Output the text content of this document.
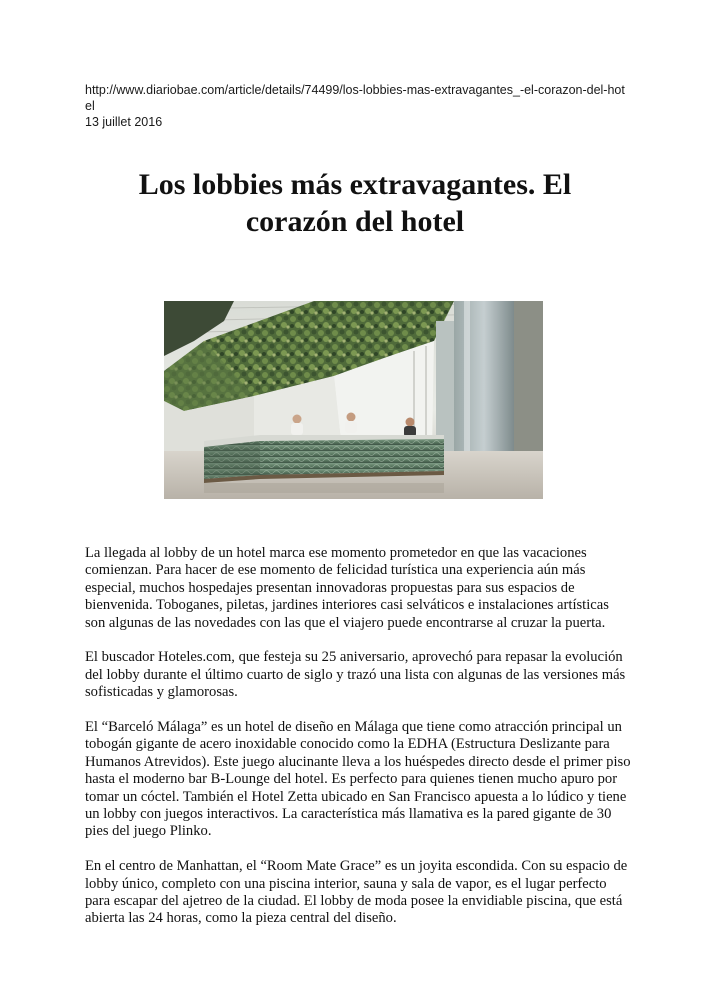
http://www.diariobae.com/article/details/74499/los-lobbies-mas-extravagantes_-el-corazon-del-hotel
13 juillet 2016
Los lobbies más extravagantes. El corazón del hotel

La llegada al lobby de un hotel marca ese momento prometedor en que las vacaciones comienzan. Para hacer de ese momento de felicidad turística una experiencia aún más especial, muchos hospedajes presentan innovadoras propuestas para sus espacios de bienvenida. Toboganes, piletas, jardines interiores casi selváticos e instalaciones artísticas son algunas de las novedades con las que el viajero puede encontrarse al cruzar la puerta.

El buscador Hoteles.com, que festeja su 25 aniversario, aprovechó para repasar la evolución del lobby durante el último cuarto de siglo y trazó una lista con algunas de las versiones más sofisticadas y glamorosas.

El “Barceló Málaga” es un hotel de diseño en Málaga que tiene como atracción principal un tobogán gigante de acero inoxidable conocido como la EDHA (Estructura Deslizante para Humanos Atrevidos). Este juego alucinante lleva a los huéspedes directo desde el primer piso hasta el moderno bar B-Lounge del hotel. Es perfecto para quienes tienen mucho apuro por tomar un cóctel. También el Hotel Zetta ubicado en San Francisco apuesta a lo lúdico y tiene un lobby con juegos interactivos. La característica más llamativa es la pared gigante de 30 pies del juego Plinko.

En el centro de Manhattan, el “Room Mate Grace” es un joyita escondida. Con su espacio de lobby único, completo con una piscina interior, sauna y sala de vapor, es el lugar perfecto para escapar del ajetreo de la ciudad. El lobby de moda posee la envidiable piscina, que está abierta las 24 horas, como la pieza central del diseño.
